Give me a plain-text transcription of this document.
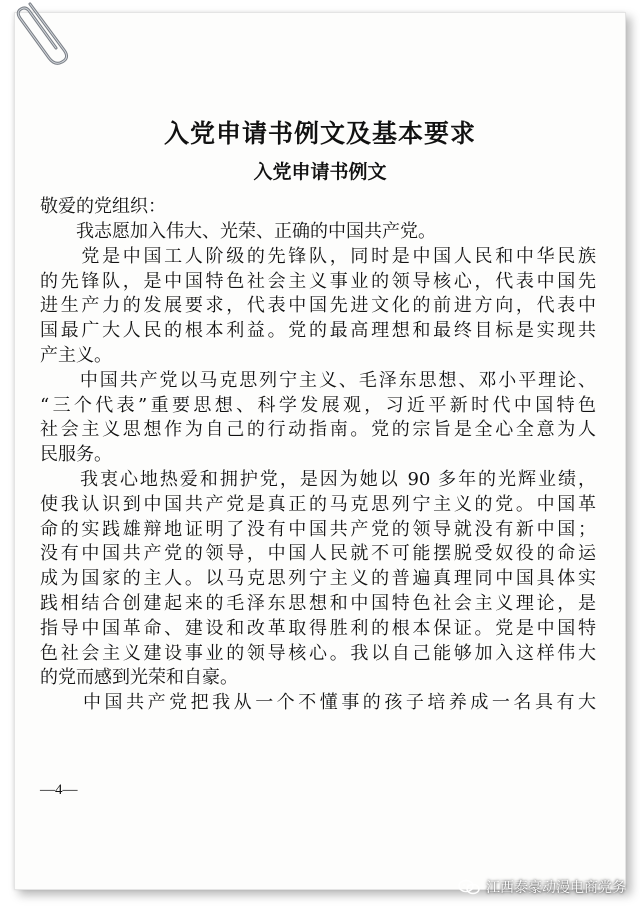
入党申请书例文及基本要求
入党申请书例文
敬爱的党组织：
　　我志愿加入伟大、光荣、正确的中国共产党。
　　党是中国工人阶级的先锋队，同时是中国人民和中华民族
的先锋队，是中国特色社会主义事业的领导核心，代表中国先
进生产力的发展要求，代表中国先进文化的前进方向，代表中
国最广大人民的根本利益。党的最高理想和最终目标是实现共
产主义。
　　中国共产党以马克思列宁主义、毛泽东思想、邓小平理论、
“三个代表”重要思想、科学发展观，习近平新时代中国特色
社会主义思想作为自己的行动指南。党的宗旨是全心全意为人
民服务。
　　我衷心地热爱和拥护党，是因为她以 90 多年的光辉业绩，
使我认识到中国共产党是真正的马克思列宁主义的党。中国革
命的实践雄辩地证明了没有中国共产党的领导就没有新中国；
没有中国共产党的领导，中国人民就不可能摆脱受奴役的命运
成为国家的主人。以马克思列宁主义的普遍真理同中国具体实
践相结合创建起来的毛泽东思想和中国特色社会主义理论，是
指导中国革命、建设和改革取得胜利的根本保证。党是中国特
色社会主义建设事业的领导核心。我以自己能够加入这样伟大
的党而感到光荣和自豪。
　　中国共产党把我从一个不懂事的孩子培养成一名具有大
—4—
江西泰豪动漫电商党务
